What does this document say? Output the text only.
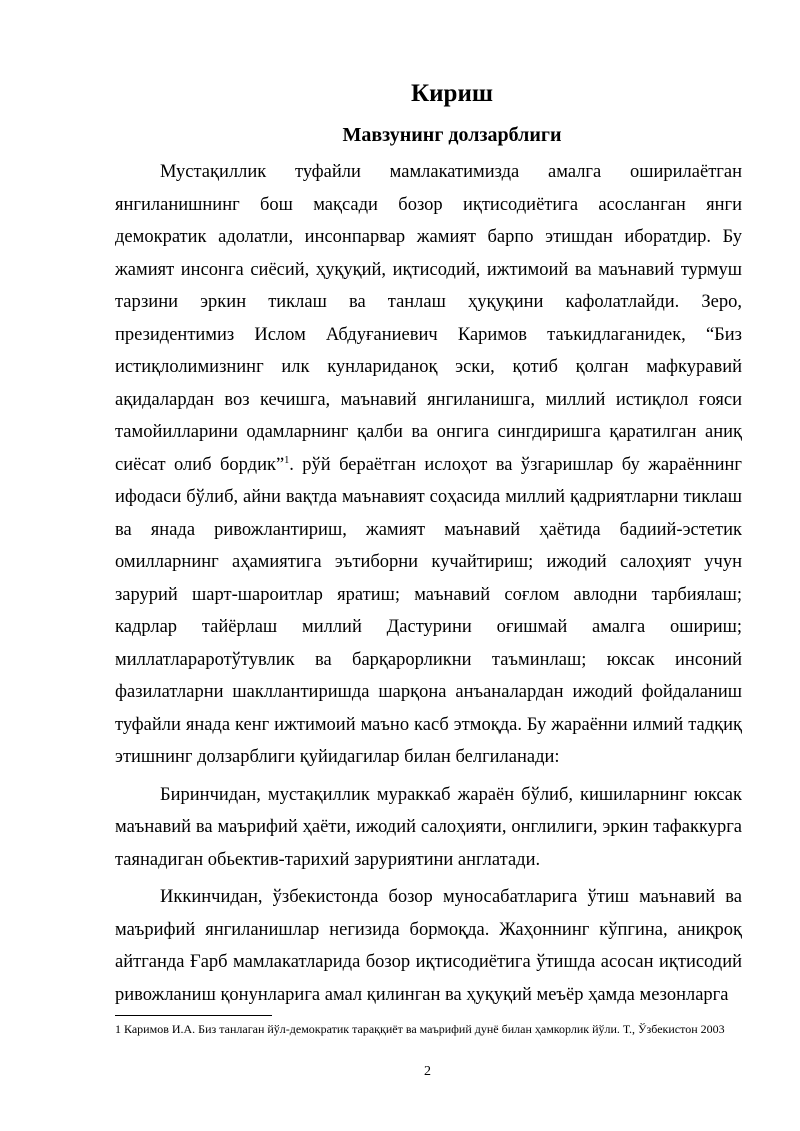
Кириш
Мавзунинг долзарблиги

Мустақиллик туфайли мамлакатимизда амалга оширилаётган янгиланишнинг бош мақсади бозор иқтисодиётига асосланган янги демократик адолатли, инсонпарвар жамият барпо этишдан иборатдир. Бу жамият инсонга сиёсий, ҳуқуқий, иқтисодий, ижтимоий ва маънавий турмуш тарзини эркин тиклаш ва танлаш ҳуқуқини кафолатлайди. Зеро, президентимиз Ислом Абдуғаниевич Каримов таъкидлаганидек, “Биз истиқлолимизнинг илк кунлариданоқ эски, қотиб қолган мафкуравий ақидалардан воз кечишга, маънавий янгиланишга, миллий истиқлол ғояси тамойилларини одамларнинг қалби ва онгига сингдиришга қаратилган аниқ сиёсат олиб бордик”$^1$. рўй бераётган ислоҳот ва ўзгаришлар бу жараённинг ифодаси бўлиб, айни вақтда маънавият соҳасида миллий қадриятларни тиклаш ва янада ривожлантириш, жамият маънавий ҳаётида бадиий-эстетик омилларнинг аҳамиятига эътиборни кучайтириш; ижодий салоҳият учун зарурий шарт-шароитлар яратиш; маънавий соғлом авлодни тарбиялаш; кадрлар тайёрлаш миллий Дастурини оғишмай амалга ошириш; миллатлараротўтувлик ва барқарорликни таъминлаш; юксак инсоний фазилатларни шакллантиришда шарқона анъаналардан ижодий фойдаланиш туфайли янада кенг ижтимоий маъно касб этмоқда. Бу жараённи илмий тадқиқ этишнинг долзарблиги қуйидагилар билан белгиланади:

Биринчидан, мустақиллик мураккаб жараён бўлиб, кишиларнинг юксак маънавий ва маърифий ҳаёти, ижодий салоҳияти, онглилиги, эркин тафаккурга таянадиган обьектив-тарихий заруриятини англатади.

Иккинчидан, ўзбекистонда бозор муносабатларига ўтиш маънавий ва маърифий янгиланишлар негизида бормоқда. Жаҳоннинг кўпгина, аниқроқ айтганда Ғарб мамлакатларида бозор иқтисодиётига ўтишда асосан иқтисодий ривожланиш қонунларига амал қилинган ва ҳуқуқий меъёр ҳамда мезонларга

1 Каримов И.А. Биз танлаган йўл-демократик тараққиёт ва маърифий дунё билан ҳамкорлик йўли. Т., Ўзбекистон 2003
2
